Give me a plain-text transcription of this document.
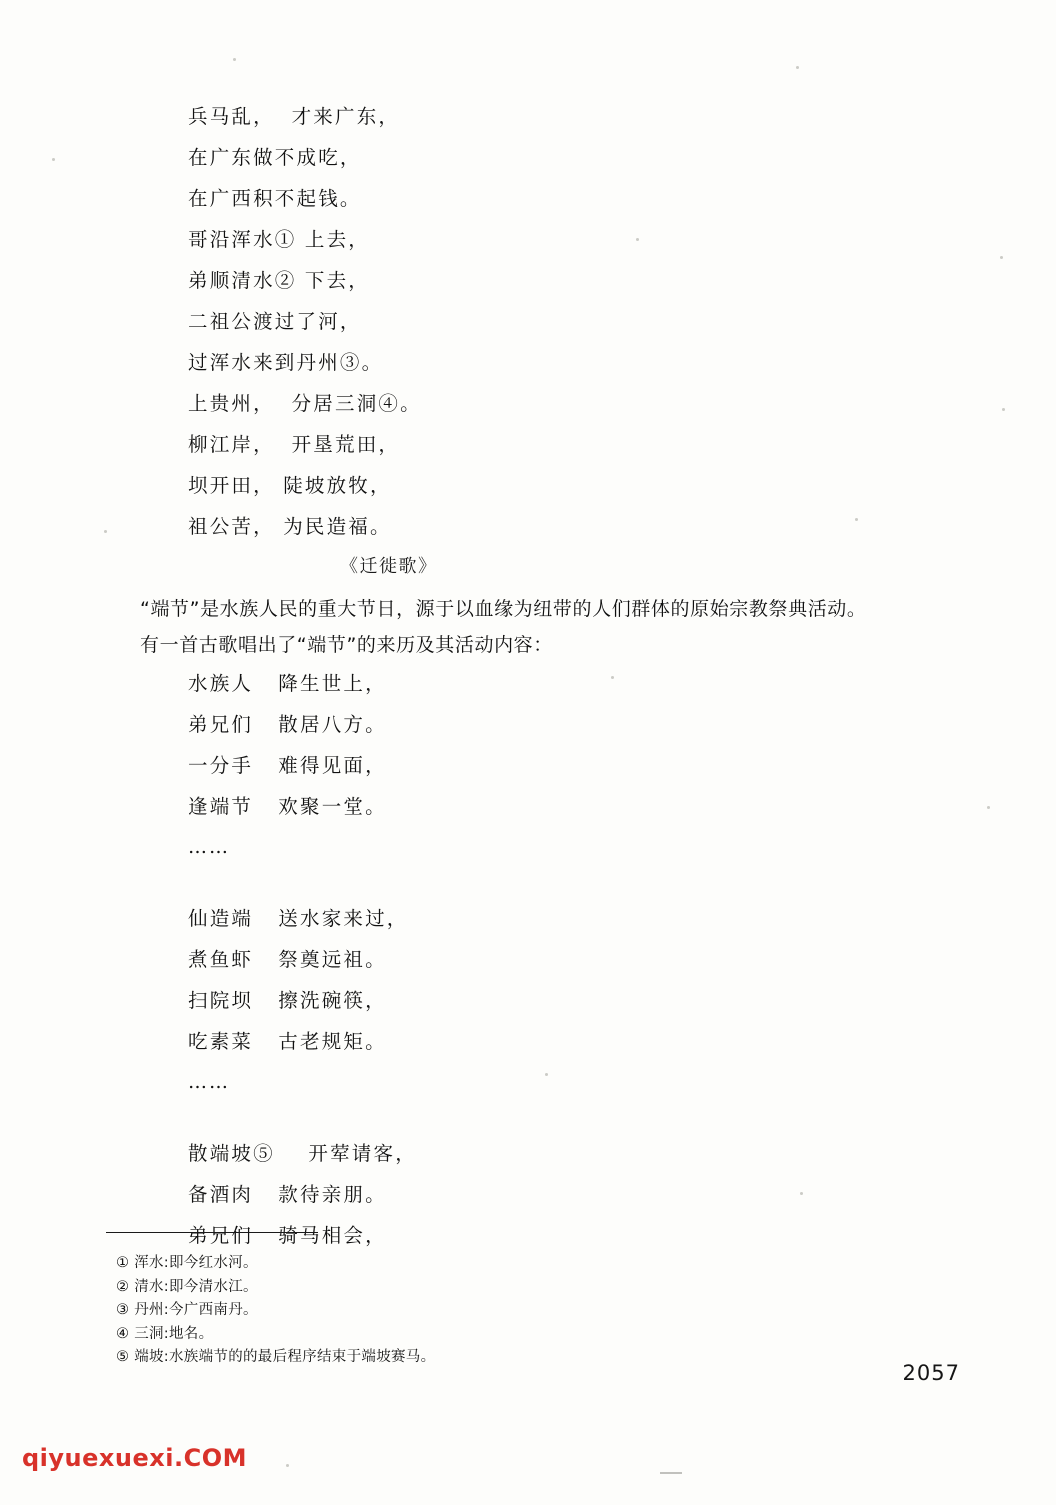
兵马乱，  才来广东，
在广东做不成吃，
在广西积不起钱。
哥沿浑水① 上去，
弟顺清水② 下去，
二祖公渡过了河，
过浑水来到丹州③。
上贵州，  分居三洞④。
柳江岸，  开垦荒田，
坝开田， 陡坡放牧，
祖公苦， 为民造福。
《迁徙歌》
“端节”是水族人民的重大节日，源于以血缘为纽带的人们群体的原始宗教祭典活动。
有一首古歌唱出了“端节”的来历及其活动内容：
水族人   降生世上，
弟兄们   散居八方。
一分手   难得见面，
逢端节   欢聚一堂。
……
仙造端   送水家来过，
煮鱼虾   祭奠远祖。
扫院坝   擦洗碗筷，
吃素菜   古老规矩。
……
散端坡⑤    开荤请客，
备酒肉   款待亲朋。
弟兄们   骑马相会，
① 浑水:即今红水河。
② 清水:即今清水江。
③ 丹州:今广西南丹。
④ 三洞:地名。
⑤ 端坡:水族端节的的最后程序结束于端坡赛马。
2057
qiyuexuexi.COM
